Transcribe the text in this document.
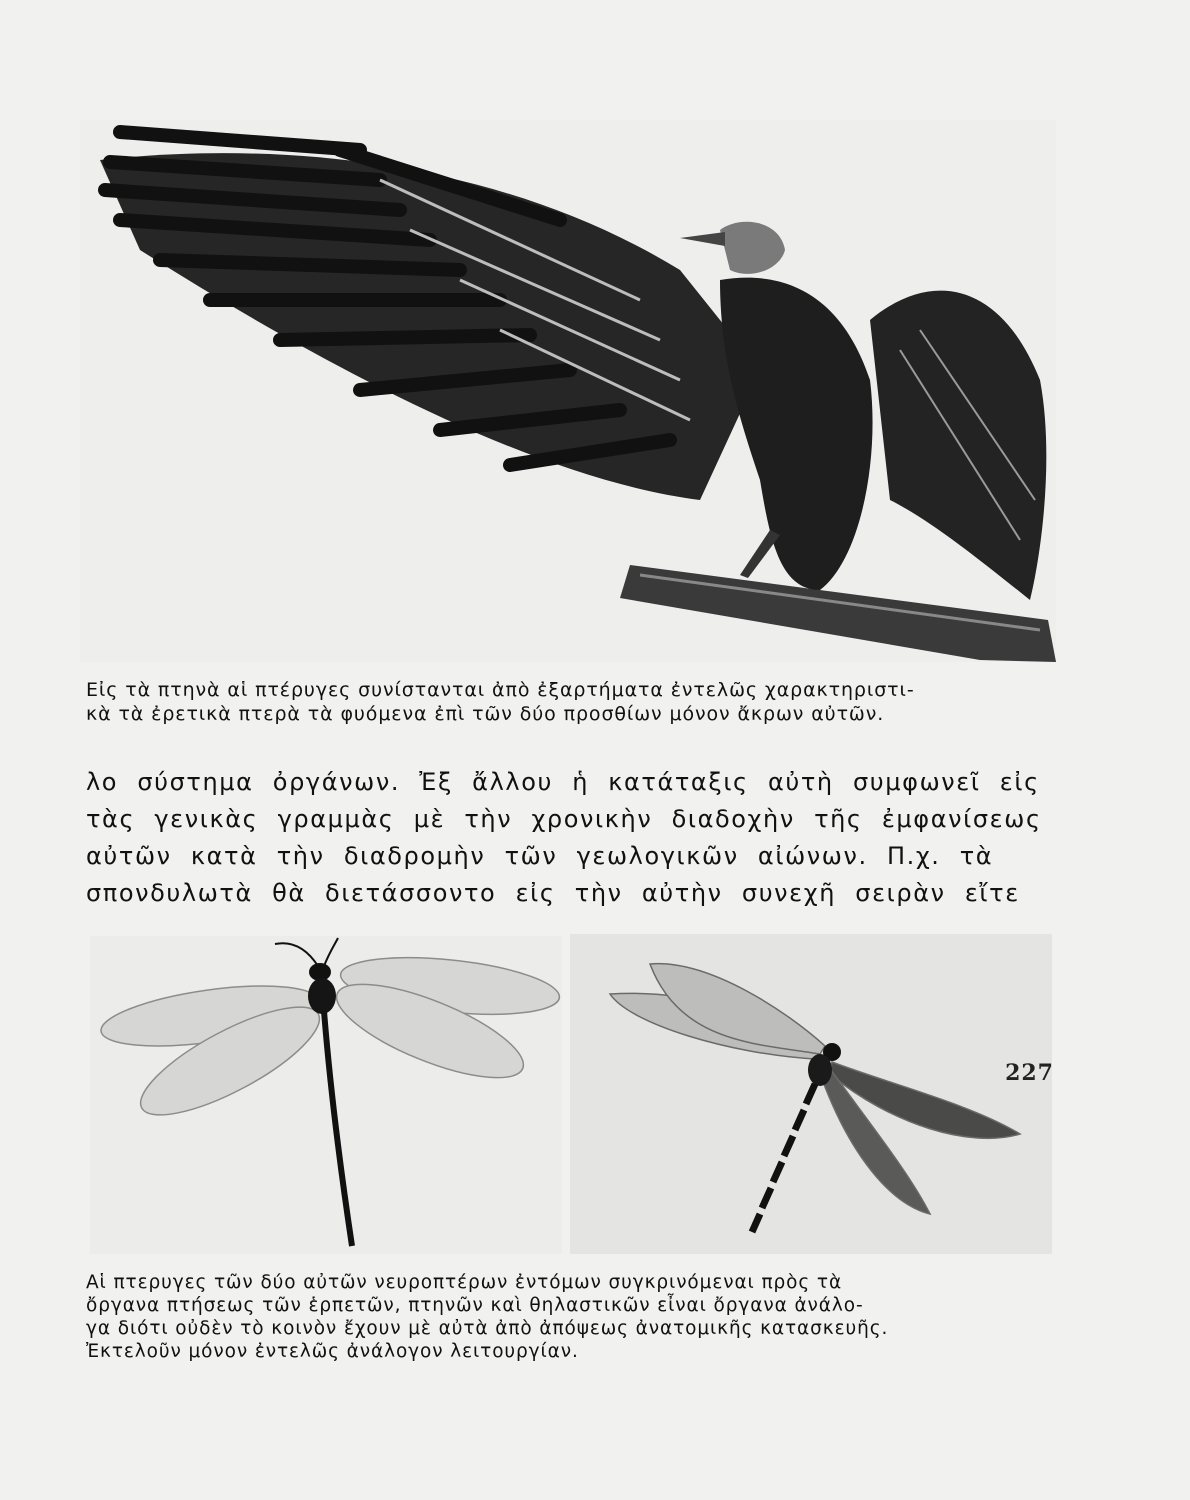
Εἰς τὰ πτηνὰ αἱ πτέρυγες συνίστανται ἀπὸ ἐξαρτήματα ἐντελῶς χαρακτηριστι-
κὰ τὰ ἐρετικὰ πτερὰ τὰ φυόμενα ἐπὶ τῶν δύο προσθίων μόνον ἄκρων αὐτῶν.
λο σύστημα ὀργάνων. Ἐξ ἄλλου ἡ κατάταξις αὐτὴ συμφωνεῖ εἰς
τὰς γενικὰς γραμμὰς μὲ τὴν χρονικὴν διαδοχὴν τῆς ἐμφανίσεως
αὐτῶν κατὰ τὴν διαδρομὴν τῶν γεωλογικῶν αἰώνων. Π.χ. τὰ
σπονδυλωτὰ θὰ διετάσσοντο εἰς τὴν αὐτὴν συνεχῆ σειρὰν εἴτε
Αἱ πτερυγες τῶν δύο αὐτῶν νευροπτέρων ἐντόμων συγκρινόμεναι πρὸς τὰ
ὄργανα πτήσεως τῶν ἑρπετῶν, πτηνῶν καὶ θηλαστικῶν εἶναι ὄργανα ἀνάλο-
γα διότι οὐδὲν τὸ κοινὸν ἔχουν μὲ αὐτὰ ἀπὸ ἀπόψεως ἀνατομικῆς κατασκευῆς.
Ἐκτελοῦν μόνον ἐντελῶς ἀνάλογον λειτουργίαν.
227
